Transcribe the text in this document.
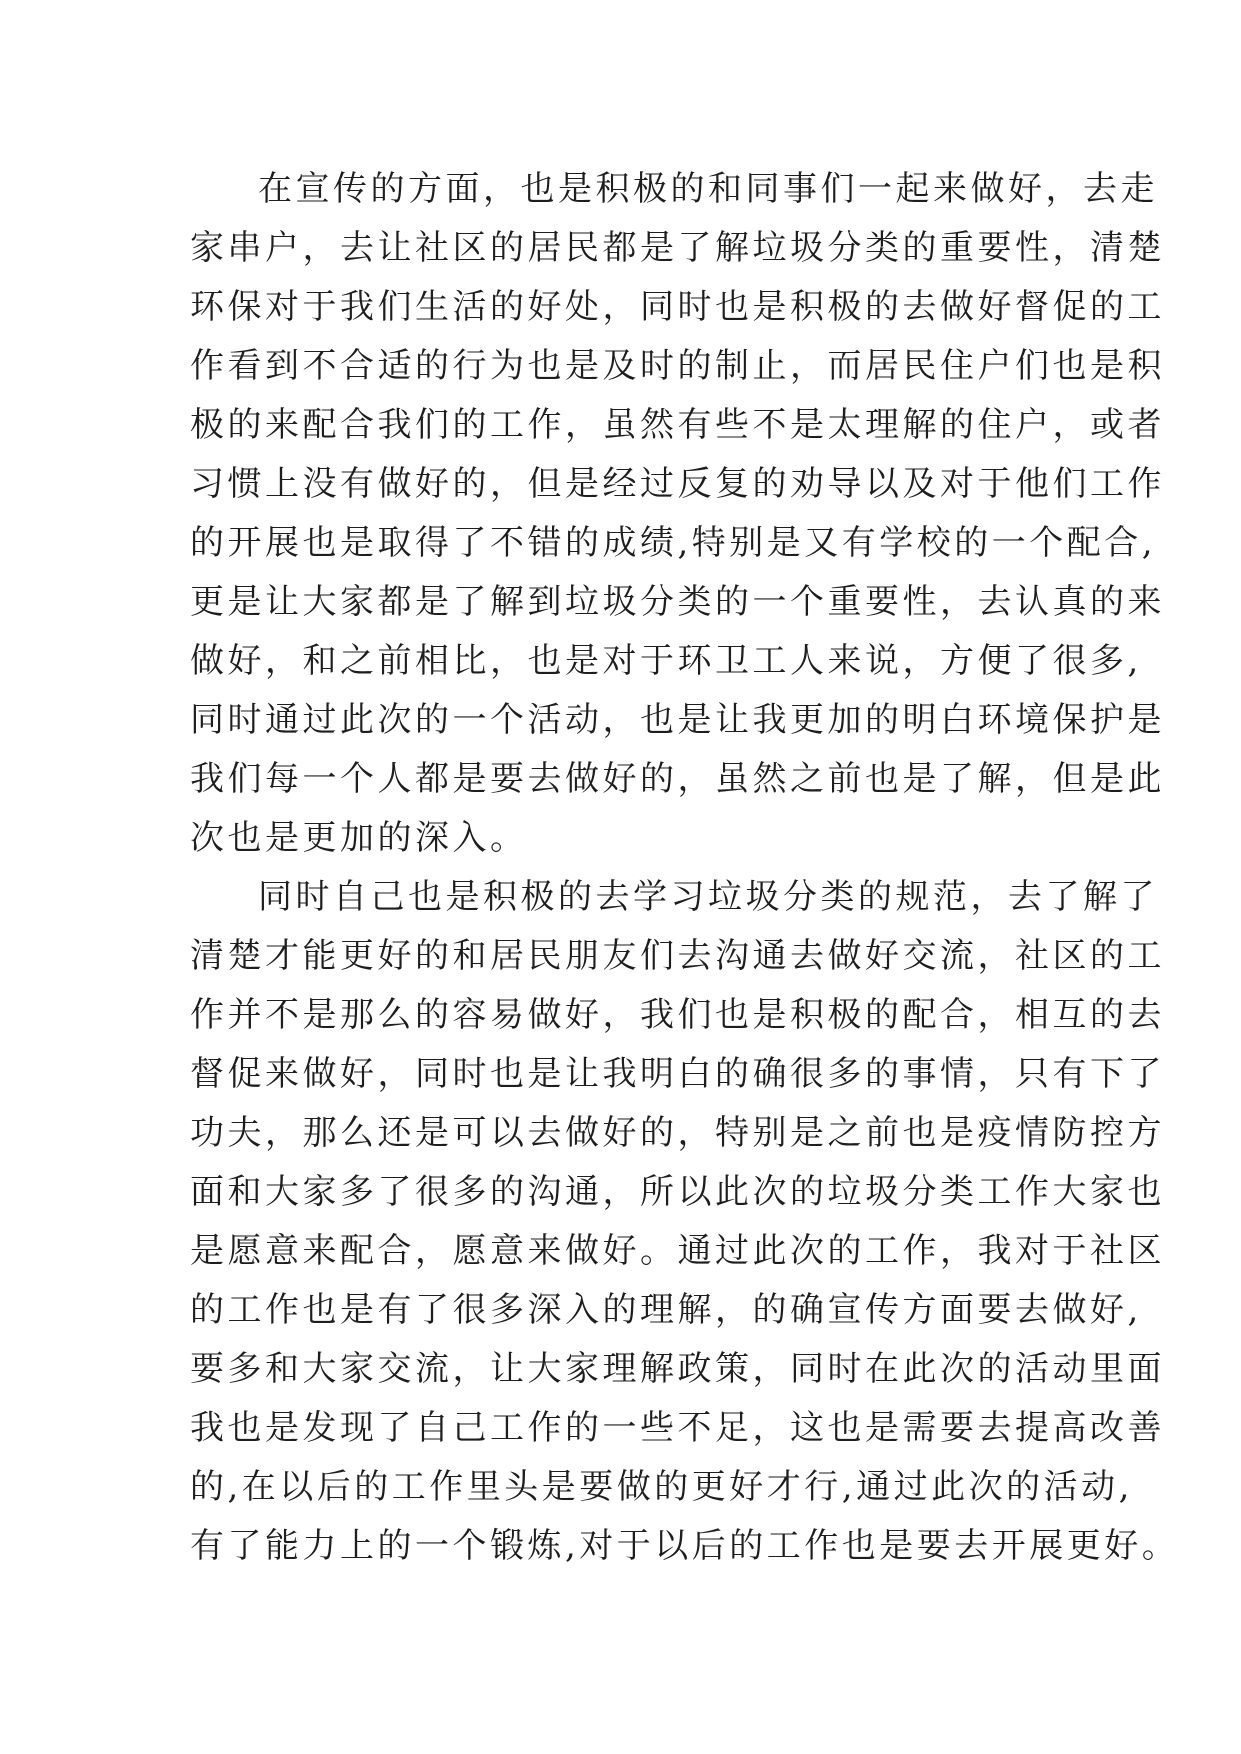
在宣传的方面，也是积极的和同事们一起来做好，去走
家串户，去让社区的居民都是了解垃圾分类的重要性，清楚
环保对于我们生活的好处，同时也是积极的去做好督促的工
作看到不合适的行为也是及时的制止，而居民住户们也是积
极的来配合我们的工作，虽然有些不是太理解的住户，或者
习惯上没有做好的，但是经过反复的劝导以及对于他们工作
的开展也是取得了不错的成绩,特别是又有学校的一个配合,
更是让大家都是了解到垃圾分类的一个重要性，去认真的来
做好，和之前相比，也是对于环卫工人来说，方便了很多,
同时通过此次的一个活动，也是让我更加的明白环境保护是
我们每一个人都是要去做好的，虽然之前也是了解，但是此
次也是更加的深入。
同时自己也是积极的去学习垃圾分类的规范，去了解了
清楚才能更好的和居民朋友们去沟通去做好交流，社区的工
作并不是那么的容易做好，我们也是积极的配合，相互的去
督促来做好，同时也是让我明白的确很多的事情，只有下了
功夫，那么还是可以去做好的，特别是之前也是疫情防控方
面和大家多了很多的沟通，所以此次的垃圾分类工作大家也
是愿意来配合，愿意来做好。通过此次的工作，我对于社区
的工作也是有了很多深入的理解，的确宣传方面要去做好,
要多和大家交流，让大家理解政策，同时在此次的活动里面
我也是发现了自己工作的一些不足，这也是需要去提高改善
的,在以后的工作里头是要做的更好才行,通过此次的活动,
有了能力上的一个锻炼,对于以后的工作也是要去开展更好。
